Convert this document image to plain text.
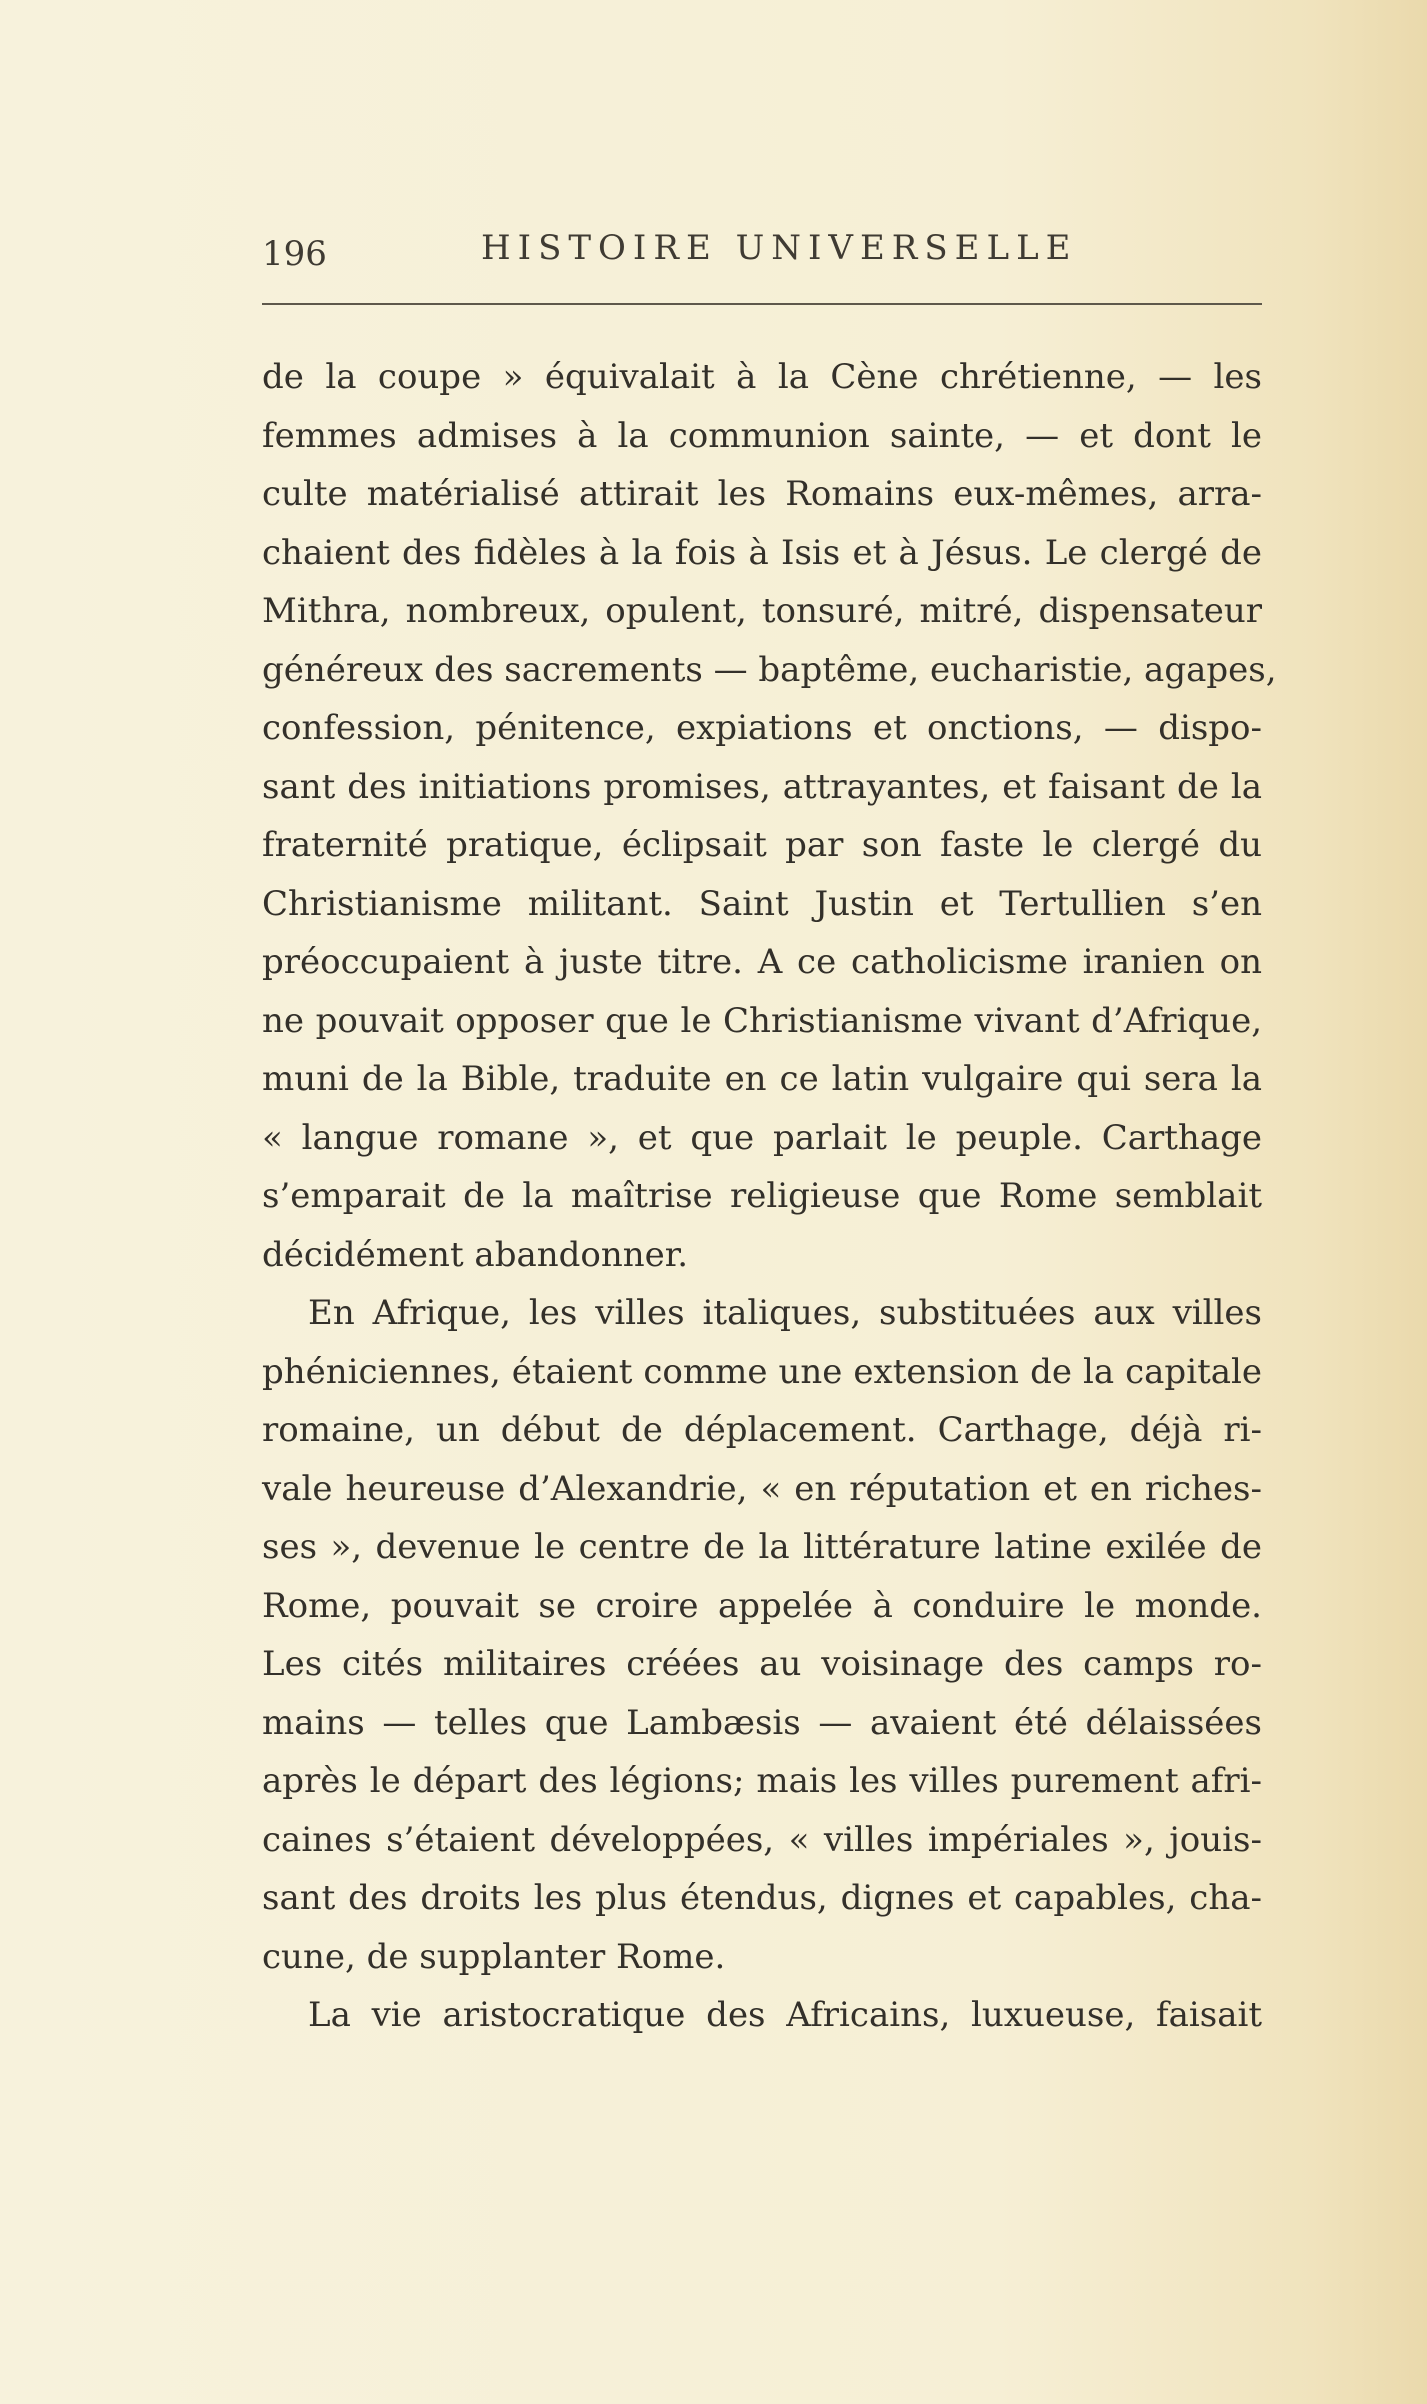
196	HISTOIRE UNIVERSELLE
de la coupe » équivalait à la Cène chrétienne, — les
femmes admises à la communion sainte, — et dont le
culte matérialisé attirait les Romains eux-mêmes, arra-
chaient des fidèles à la fois à Isis et à Jésus. Le clergé de
Mithra, nombreux, opulent, tonsuré, mitré, dispensateur
généreux des sacrements — baptême, eucharistie, agapes,
confession, pénitence, expiations et onctions, — dispo-
sant des initiations promises, attrayantes, et faisant de la
fraternité pratique, éclipsait par son faste le clergé du
Christianisme militant. Saint Justin et Tertullien s’en
préoccupaient à juste titre. A ce catholicisme iranien on
ne pouvait opposer que le Christianisme vivant d’Afrique,
muni de la Bible, traduite en ce latin vulgaire qui sera la
« langue romane », et que parlait le peuple. Carthage
s’emparait de la maîtrise religieuse que Rome semblait
décidément abandonner.
En Afrique, les villes italiques, substituées aux villes
phéniciennes, étaient comme une extension de la capitale
romaine, un début de déplacement. Carthage, déjà ri-
vale heureuse d’Alexandrie, « en réputation et en riches-
ses », devenue le centre de la littérature latine exilée de
Rome, pouvait se croire appelée à conduire le monde.
Les cités militaires créées au voisinage des camps ro-
mains — telles que Lambæsis — avaient été délaissées
après le départ des légions; mais les villes purement afri-
caines s’étaient développées, « villes impériales », jouis-
sant des droits les plus étendus, dignes et capables, cha-
cune, de supplanter Rome.
La vie aristocratique des Africains, luxueuse, faisait
